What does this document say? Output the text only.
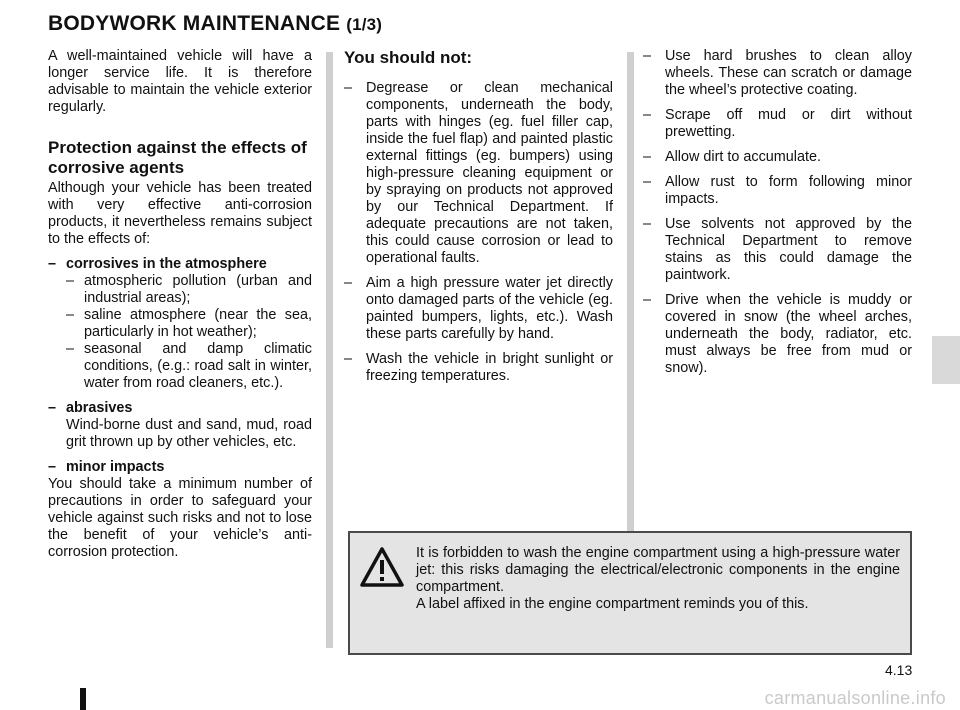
BODYWORK MAINTENANCE (1/3)

A well-maintained vehicle will have a longer service life. It is therefore advisable to maintain the vehicle exterior regularly.

Protection against the effects of corrosive agents

Although your vehicle has been treated with very effective anti-corrosion products, it nevertheless remains subject to the effects of:

– corrosives in the atmosphere
– atmospheric pollution (urban and industrial areas);
– saline atmosphere (near the sea, particularly in hot weather);
– seasonal and damp climatic conditions, (e.g.: road salt in winter, water from road cleaners, etc.).
– abrasives
Wind-borne dust and sand, mud, road grit thrown up by other vehicles, etc.
– minor impacts
You should take a minimum number of precautions in order to safeguard your vehicle against such risks and not to lose the benefit of your vehicle’s anti-corrosion protection.
You should not:
– Degrease or clean mechanical components, underneath the body, parts with hinges (eg. fuel filler cap, inside the fuel flap) and painted plastic external fittings (eg. bumpers) using high-pressure cleaning equipment or by spraying on products not approved by our Technical Department. If adequate precautions are not taken, this could cause corrosion or lead to operational faults.
– Aim a high pressure water jet directly onto damaged parts of the vehicle (eg. painted bumpers, lights, etc.). Wash these parts carefully by hand.
– Wash the vehicle in bright sunlight or freezing temperatures.
– Use hard brushes to clean alloy wheels. These can scratch or damage the wheel’s protective coating.
– Scrape off mud or dirt without prewetting.
– Allow dirt to accumulate.
– Allow rust to form following minor impacts.
– Use solvents not approved by the Technical Department to remove stains as this could damage the paintwork.
– Drive when the vehicle is muddy or covered in snow (the wheel arches, underneath the body, radiator, etc. must always be free from mud or snow).

It is forbidden to wash the engine compartment using a high-pressure water jet: this risks damaging the electrical/electronic components in the engine compartment.

A label affixed in the engine compartment reminds you of this.

4.13
carmanualsonline.info
